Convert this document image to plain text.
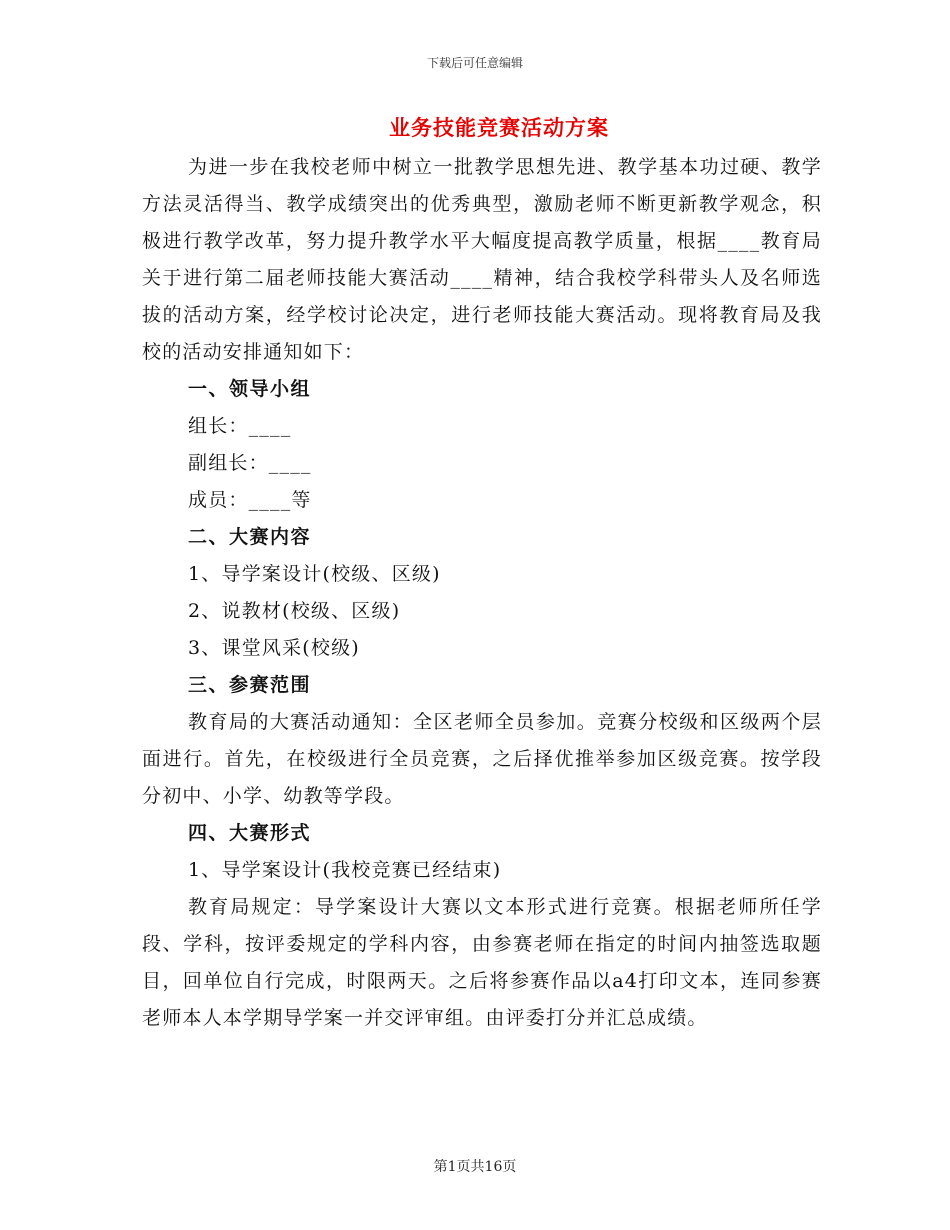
下载后可任意编辑
业务技能竞赛活动方案

为进一步在我校老师中树立一批教学思想先进、教学基本功过硬、教学方法灵活得当、教学成绩突出的优秀典型，激励老师不断更新教学观念，积极进行教学改革，努力提升教学水平大幅度提高教学质量，根据____教育局关于进行第二届老师技能大赛活动____精神，结合我校学科带头人及名师选拔的活动方案，经学校讨论决定，进行老师技能大赛活动。现将教育局及我校的活动安排通知如下：

一、领导小组

组长：____

副组长：____

成员：____等

二、大赛内容

1、导学案设计(校级、区级)

2、说教材(校级、区级)

3、课堂风采(校级)

三、参赛范围

教育局的大赛活动通知：全区老师全员参加。竞赛分校级和区级两个层面进行。首先，在校级进行全员竞赛，之后择优推举参加区级竞赛。按学段分初中、小学、幼教等学段。

四、大赛形式

1、导学案设计(我校竞赛已经结束)

教育局规定：导学案设计大赛以文本形式进行竞赛。根据老师所任学段、学科，按评委规定的学科内容，由参赛老师在指定的时间内抽签选取题目，回单位自行完成，时限两天。之后将参赛作品以a4打印文本，连同参赛老师本人本学期导学案一并交评审组。由评委打分并汇总成绩。

第1页共16页
